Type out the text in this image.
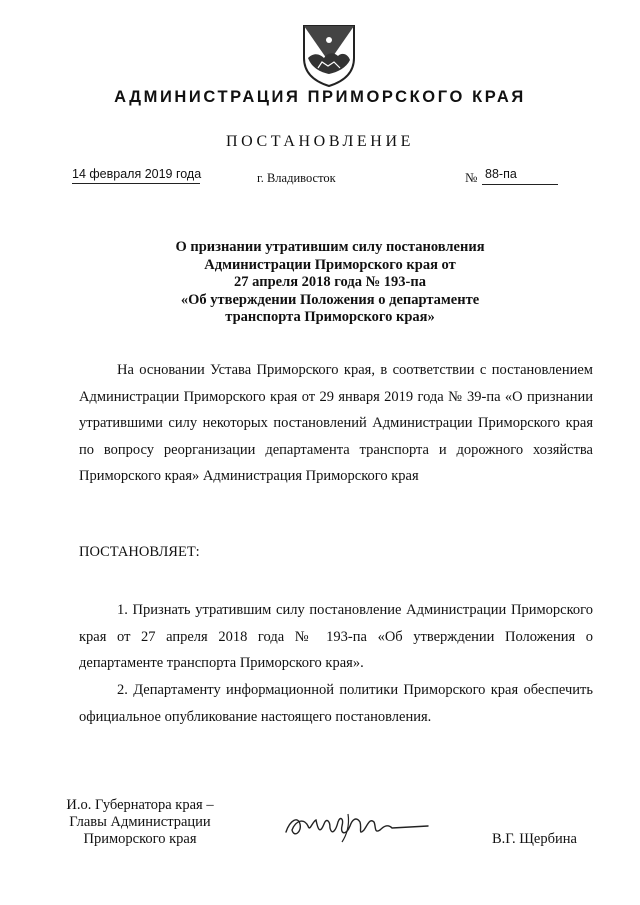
АДМИНИСТРАЦИЯ ПРИМОРСКОГО КРАЯ
ПОСТАНОВЛЕНИЕ
14 февраля 2019 года	г. Владивосток	№ 88-па
О признании утратившим силу постановления
Администрации Приморского края от
27 апреля 2018 года № 193-па
«Об утверждении Положения о департаменте
транспорта Приморского края»
На основании Устава Приморского края, в соответствии с постановлением Администрации Приморского края от 29 января 2019 года № 39-па «О признании утратившими силу некоторых постановлений Администрации Приморского края по вопросу реорганизации департамента транспорта и дорожного хозяйства Приморского края» Администрация Приморского края
ПОСТАНОВЛЯЕТ:
1. Признать утратившим силу постановление Администрации Приморского края от 27 апреля 2018 года № 193-па «Об утверждении Положения о департаменте транспорта Приморского края».
2. Департаменту информационной политики Приморского края обеспечить официальное опубликование настоящего постановления.
И.о. Губернатора края –
Главы Администрации
Приморского края	В.Г. Щербина
